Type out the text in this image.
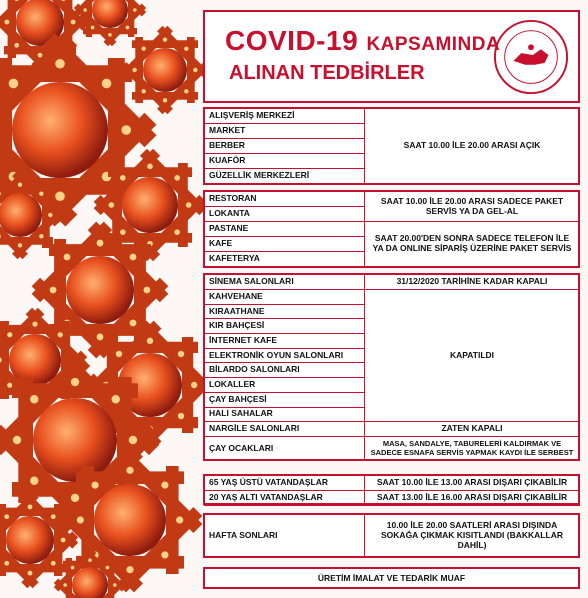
COVID-19 KAPSAMINDA
ALINAN TEDBİRLER
ALIŞVERİŞ MERKEZİ	SAAT 10.00 İLE 20.00 ARASI AÇIK
MARKET
BERBER
KUAFÖR
GÜZELLİK MERKEZLERİ
RESTORAN	SAAT 10.00 İLE 20.00 ARASI SADECE PAKET SERVİS YA DA GEL-AL
LOKANTA	
PASTANE	SAAT 20.00'DEN SONRA SADECE TELEFON İLE YA DA ONLINE SİPARİŞ ÜZERİNE PAKET SERVİS
KAFE	
KAFETERYA	
SİNEMA SALONLARI	31/12/2020 TARİHİNE KADAR KAPALI
KAHVEHANE	KAPATILDI
KIRAATHANE	
KIR BAHÇESİ	
İNTERNET KAFE	
ELEKTRONİK OYUN SALONLARI	
BİLARDO SALONLARI	
LOKALLER	
ÇAY BAHÇESİ	
HALI SAHALAR	
NARGİLE SALONLARI	ZATEN KAPALI
ÇAY OCAKLARI	MASA, SANDALYE, TABURELERİ KALDIRMAK VE SADECE ESNAFA SERVİS YAPMAK KAYDI İLE SERBEST
65 YAŞ ÜSTÜ VATANDAŞLAR	SAAT 10.00 İLE 13.00 ARASI DIŞARI ÇIKABİLİR
20 YAŞ ALTI VATANDAŞLAR	SAAT 13.00 İLE 16.00 ARASI DIŞARI ÇIKABİLİR
HAFTA SONLARI	10.00 İLE 20.00 SAATLERİ ARASI DIŞINDA SOKAĞA ÇIKMAK KISITLANDI (BAKKALLAR DAHİL)
ÜRETİM İMALAT VE TEDARİK MUAF
